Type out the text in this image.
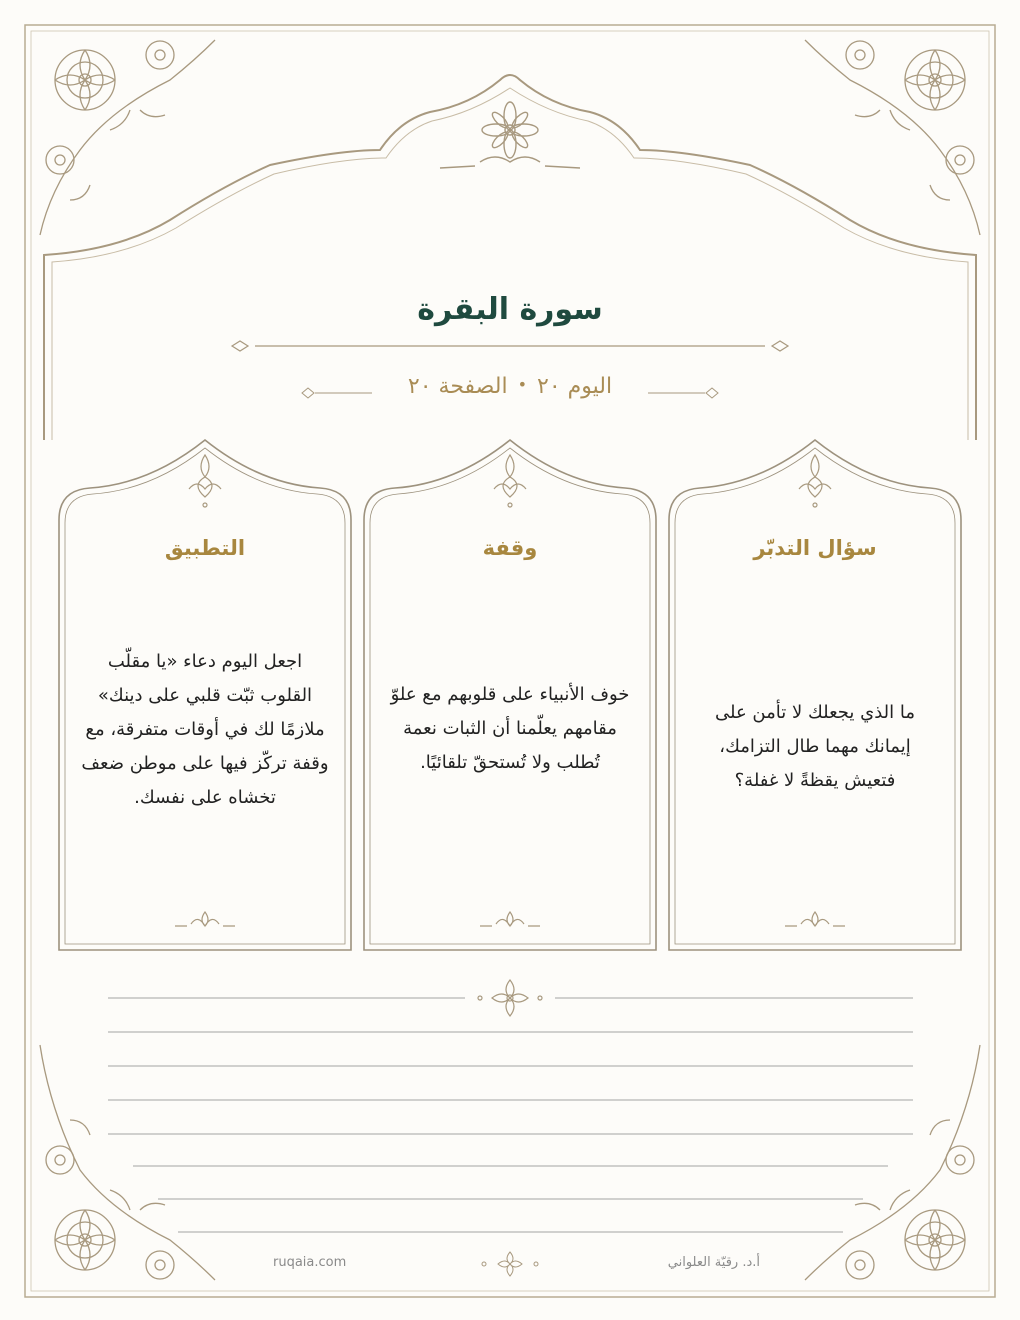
سورة البقرة
اليوم ٢٠•الصفحة ٢٠
سؤال التدبّر
ما الذي يجعلك لا تأمن على إيمانك مهما طال التزامك، فتعيش يقظةً لا غفلة؟
وقفة
خوف الأنبياء على قلوبهم مع علوّ مقامهم يعلّمنا أن الثبات نعمة تُطلب ولا تُستحقّ تلقائيًا.
التطبيق
اجعل اليوم دعاء «يا مقلّب القلوب ثبّت قلبي على دينك» ملازمًا لك في أوقات متفرقة، مع وقفة تركّز فيها على موطن ضعف تخشاه على نفسك.
ruqaia.com	أ.د. رقيّة العلواني
